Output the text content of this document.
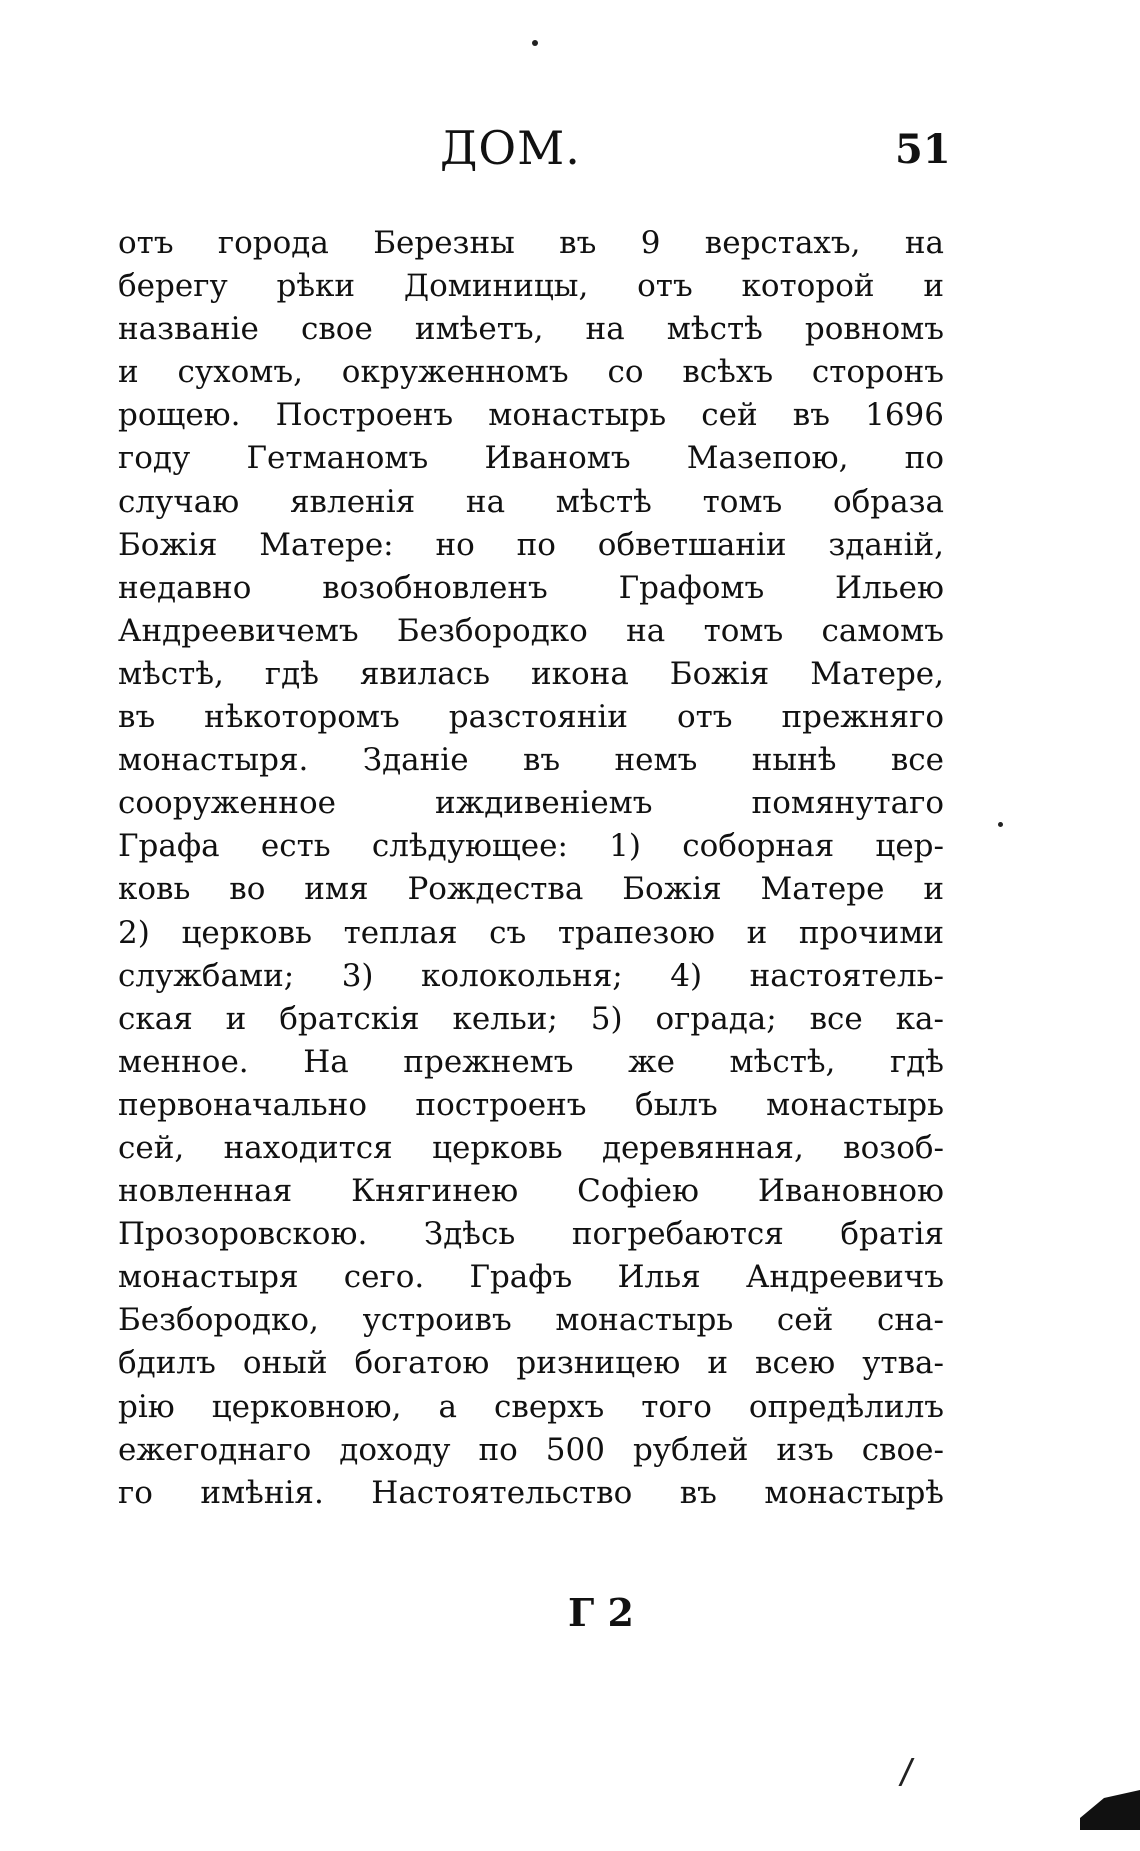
ДОМ.	51
отъ города Березны въ 9 верстахъ, на
берегу рѣки Доминицы, отъ которой и
названіе свое имѣетъ, на мѣстѣ ровномъ
и сухомъ, окруженномъ со всѣхъ сторонъ
рощею. Построенъ монастырь сей въ 1696
году Гетманомъ Иваномъ Мазепою, по
случаю явленія на мѣстѣ томъ образа
Божія Матере: но по обветшаніи зданій,
недавно возобновленъ Графомъ Ильею
Андреевичемъ Безбородко на томъ самомъ
мѣстѣ, гдѣ явилась икона Божія Матере,
въ нѣкоторомъ разстояніи отъ прежняго
монастыря. Зданіе въ немъ нынѣ все
сооруженное иждивеніемъ помянутаго
Графа есть слѣдующее: 1) соборная цер-
ковь во имя Рождества Божія Матере и
2) церковь теплая съ трапезою и прочими
службами; 3) колокольня; 4) настоятель-
ская и братскія кельи; 5) ограда; все ка-
менное. На прежнемъ же мѣстѣ, гдѣ
первоначально построенъ былъ монастырь
сей, находится церковь деревянная, возоб-
новленная Княгинею Софіею Ивановною
Прозоровскою. Здѣсь погребаются братія
монастыря сего. Графъ Илья Андреевичъ
Безбородко, устроивъ монастырь сей сна-
бдилъ оный богатою ризницею и всею утва-
рію церковною, а сверхъ того опредѣлилъ
ежегоднаго доходу по 500 рублей изъ свое-
го имѣнія. Настоятельство въ монастырѣ
Г 2
